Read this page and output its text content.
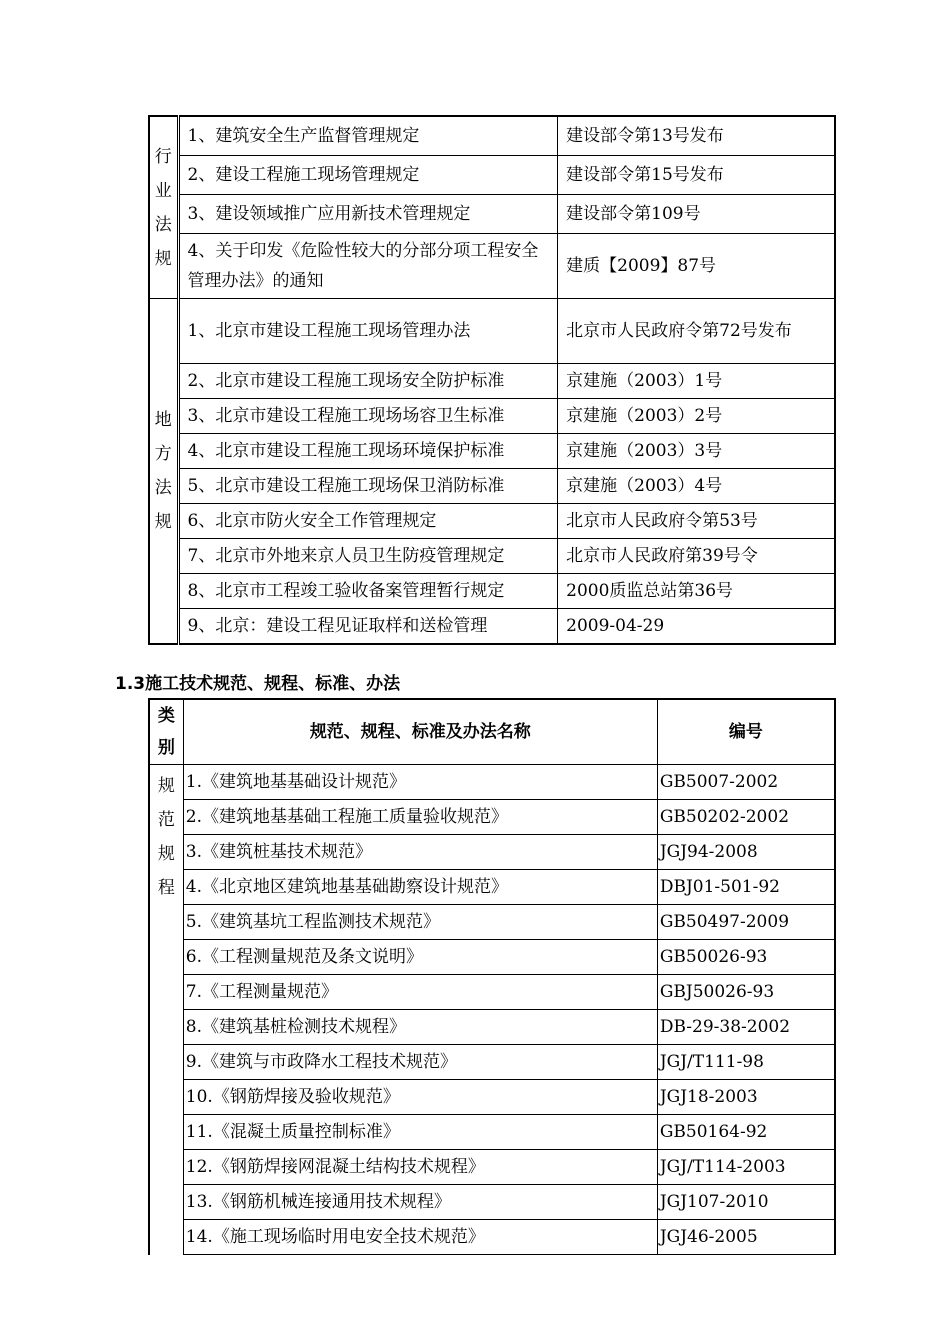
行
业
法
规	1、建筑安全生产监督管理规定	建设部令第13号发布
	2、建设工程施工现场管理规定	建设部令第15号发布
	3、建设领域推广应用新技术管理规定	建设部令第109号
	4、关于印发《危险性较大的分部分项工程安全管理办法》的通知	建质【2009】87号

地
方
法
规	1、北京市建设工程施工现场管理办法	北京市人民政府令第72号发布
	2、北京市建设工程施工现场安全防护标准	京建施（2003）1号
	3、北京市建设工程施工现场场容卫生标准	京建施（2003）2号
	4、北京市建设工程施工现场环境保护标准	京建施（2003）3号
	5、北京市建设工程施工现场保卫消防标准	京建施（2003）4号
	6、北京市防火安全工作管理规定	北京市人民政府令第53号
	7、北京市外地来京人员卫生防疫管理规定	北京市人民政府第39号令
	8、北京市工程竣工验收备案管理暂行规定	2000质监总站第36号
	9、北京：建设工程见证取样和送检管理	2009-04-29
1.3施工技术规范、规程、标准、办法
类别	规范、规程、标准及办法名称	编号

规
范
规
程	1.《建筑地基基础设计规范》	GB5007-2002
	2.《建筑地基基础工程施工质量验收规范》	GB50202-2002
	3.《建筑桩基技术规范》	JGJ94-2008
	4.《北京地区建筑地基基础勘察设计规范》	DBJ01-501-92
	5.《建筑基坑工程监测技术规范》	GB50497-2009
	6.《工程测量规范及条文说明》	GB50026-93
	7.《工程测量规范》	GBJ50026-93
	8.《建筑基桩检测技术规程》	DB-29-38-2002
	9.《建筑与市政降水工程技术规范》	JGJ/T111-98
	10.《钢筋焊接及验收规范》	JGJ18-2003
	11.《混凝土质量控制标准》	GB50164-92
	12.《钢筋焊接网混凝土结构技术规程》	JGJ/T114-2003
	13.《钢筋机械连接通用技术规程》	JGJ107-2010
	14.《施工现场临时用电安全技术规范》	JGJ46-2005
